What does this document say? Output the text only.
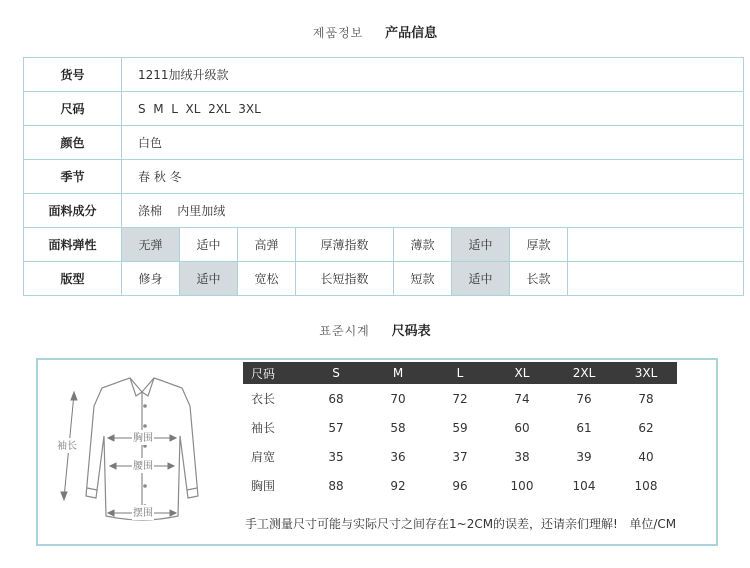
제품정보 产品信息
货号	1211加绒升级款							
尺码	S  M  L  XL  2XL  3XL							
颜色	白色							
季节	春 秋 冬							
面料成分	涤棉    内里加绒							
面料弹性	无弹	适中	高弹	厚薄指数	薄款	适中	厚款	
版型	修身	适中	宽松	长短指数	短款	适中	长款	
표준시계 尺码表
胸围
腰围
摆围
袖长
尺码	S	M	L	XL	2XL	3XL
衣长	68	70	72	74	76	78
袖长	57	58	59	60	61	62
肩宽	35	36	37	38	39	40
胸围	88	92	96	100	104	108
手工测量尺寸可能与实际尺寸之间存在1~2CM的误差，还请亲们理解!   单位/CM
